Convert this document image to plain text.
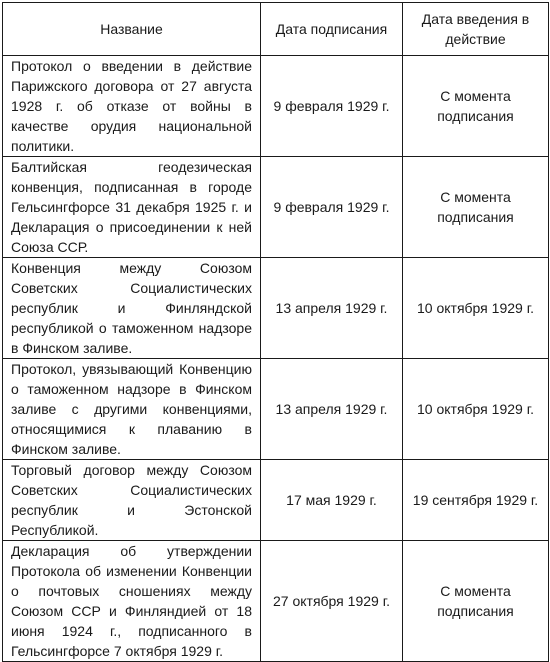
Название	Дата подписания	Дата введения в действие
Протокол о введении в действие Парижского договора от 27 августа 1928 г. об отказе от войны в качестве орудия национальной политики.	9 февраля 1929 г.	С момента подписания
Балтийская геодезическая конвенция, подписанная в городе Гельсингфорсе 31 декабря 1925 г. и Декларация о присоединении к ней Союза ССР.	9 февраля 1929 г.	С момента подписания
Конвенция между Союзом Советских Социалистических республик и Финляндской республикой о таможенном надзоре в Финском заливе.	13 апреля 1929 г.	10 октября 1929 г.
Протокол, увязывающий Конвенцию о таможенном надзоре в Финском заливе с другими конвенциями, относящимися к плаванию в Финском заливе.	13 апреля 1929 г.	10 октября 1929 г.
Торговый договор между Союзом Советских Социалистических республик и Эстонской Республикой.	17 мая 1929 г.	19 сентября 1929 г.
Декларация об утверждении Протокола об изменении Конвенции о почтовых сношениях между Союзом ССР и Финляндией от 18 июня 1924 г., подписанного в Гельсингфорсе 7 октября 1929 г.	27 октября 1929 г.	С момента подписания
